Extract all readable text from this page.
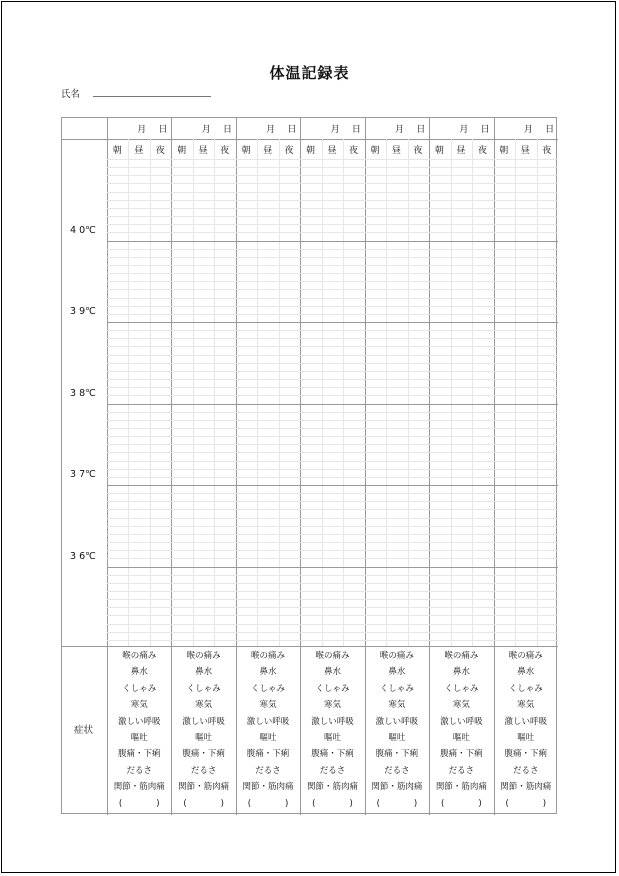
体温記録表
氏名
月 日
朝 昼 夜
喉の痛み
鼻水
くしゃみ
寒気
激しい呼吸
嘔吐
腹痛・下痢
だるさ
関節・筋肉痛
(　　　　)
月 日
朝 昼 夜
喉の痛み
鼻水
くしゃみ
寒気
激しい呼吸
嘔吐
腹痛・下痢
だるさ
関節・筋肉痛
(　　　　)
月 日
朝 昼 夜
喉の痛み
鼻水
くしゃみ
寒気
激しい呼吸
嘔吐
腹痛・下痢
だるさ
関節・筋肉痛
(　　　　)
月 日
朝 昼 夜
喉の痛み
鼻水
くしゃみ
寒気
激しい呼吸
嘔吐
腹痛・下痢
だるさ
関節・筋肉痛
(　　　　)
月 日
朝 昼 夜
喉の痛み
鼻水
くしゃみ
寒気
激しい呼吸
嘔吐
腹痛・下痢
だるさ
関節・筋肉痛
(　　　　)
月 日
朝 昼 夜
喉の痛み
鼻水
くしゃみ
寒気
激しい呼吸
嘔吐
腹痛・下痢
だるさ
関節・筋肉痛
(　　　　)
月 日
朝 昼 夜
喉の痛み
鼻水
くしゃみ
寒気
激しい呼吸
嘔吐
腹痛・下痢
だるさ
関節・筋肉痛
(　　　　)
4 0℃
3 9℃
3 8℃
3 7℃
3 6℃
症状
